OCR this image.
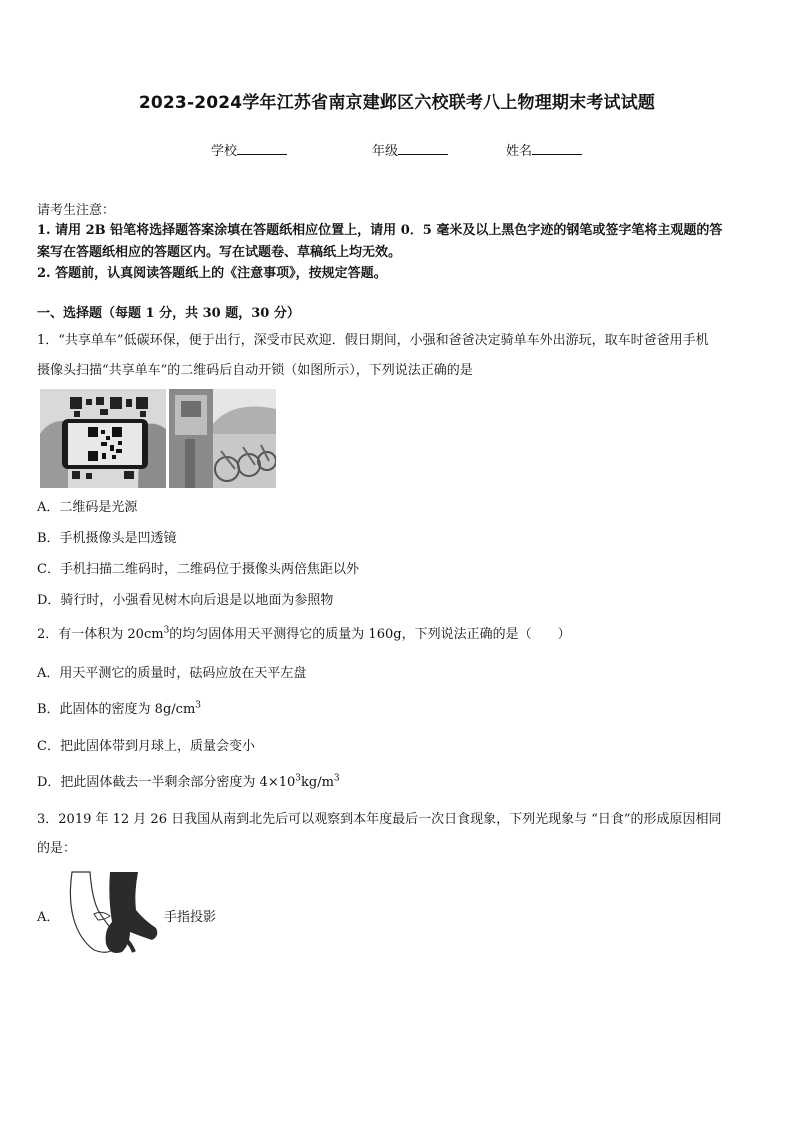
2023-2024学年江苏省南京建邺区六校联考八上物理期末考试试题
学校	年级	姓名
请考生注意：
1. 请用 2B 铅笔将选择题答案涂填在答题纸相应位置上，请用 0．5 毫米及以上黑色字迹的钢笔或签字笔将主观题的答
案写在答题纸相应的答题区内。写在试题卷、草稿纸上均无效。
2. 答题前，认真阅读答题纸上的《注意事项》，按规定答题。
一、选择题（每题 1 分，共 30 题，30 分）
1．“共享单车”低碳环保，便于出行，深受市民欢迎．假日期间，小强和爸爸决定骑单车外出游玩，取车时爸爸用手机
摄像头扫描“共享单车”的二维码后自动开锁（如图所示），下列说法正确的是
A．二维码是光源
B．手机摄像头是凹透镜
C．手机扫描二维码时，二维码位于摄像头两倍焦距以外
D．骑行时，小强看见树木向后退是以地面为参照物
2．有一体积为 $20cm^3$的均匀固体用天平测得它的质量为 160g，下列说法正确的是（　　）
A．用天平测它的质量时，砝码应放在天平左盘
B．此固体的密度为 $8g/cm^3$
C．把此固体带到月球上，质量会变小
D．把此固体截去一半剩余部分密度为 $4\times 10^3kg/m^3$
3．2019 年 12 月 26 日我国从南到北先后可以观察到本年度最后一次日食现象，下列光现象与 “日食”的形成原因相同
的是：
A．	手指投影
